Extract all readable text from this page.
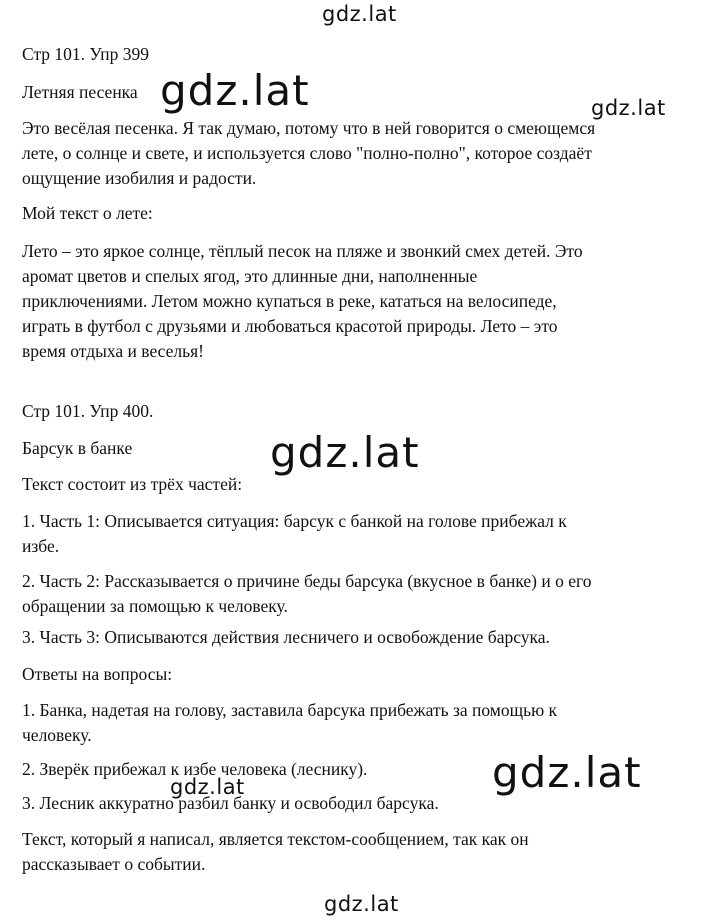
Стр 101. Упр 399
Летняя песенка
Это весёлая песенка. Я так думаю, потому что в ней говорится о смеющемся
лете, о солнце и свете, и используется слово "полно-полно", которое создаёт
ощущение изобилия и радости.
Мой текст о лете:
Лето – это яркое солнце, тёплый песок на пляже и звонкий смех детей. Это
аромат цветов и спелых ягод, это длинные дни, наполненные
приключениями. Летом можно купаться в реке, кататься на велосипеде,
играть в футбол с друзьями и любоваться красотой природы. Лето – это
время отдыха и веселья!
Стр 101. Упр 400.
Барсук в банке
Текст состоит из трёх частей:
1. Часть 1: Описывается ситуация: барсук с банкой на голове прибежал к
избе.
2. Часть 2: Рассказывается о причине беды барсука (вкусное в банке) и о его
обращении за помощью к человеку.
3. Часть 3: Описываются действия лесничего и освобождение барсука.
Ответы на вопросы:
1. Банка, надетая на голову, заставила барсука прибежать за помощью к
человеку.
2. Зверёк прибежал к избе человека (леснику).
3. Лесник аккуратно разбил банку и освободил барсука.
Текст, который я написал, является текстом-сообщением, так как он
рассказывает о событии.
gdz.lat
gdz.lat	gdz.lat
gdz.lat
gdz.lat	gdz.lat
gdz.lat
